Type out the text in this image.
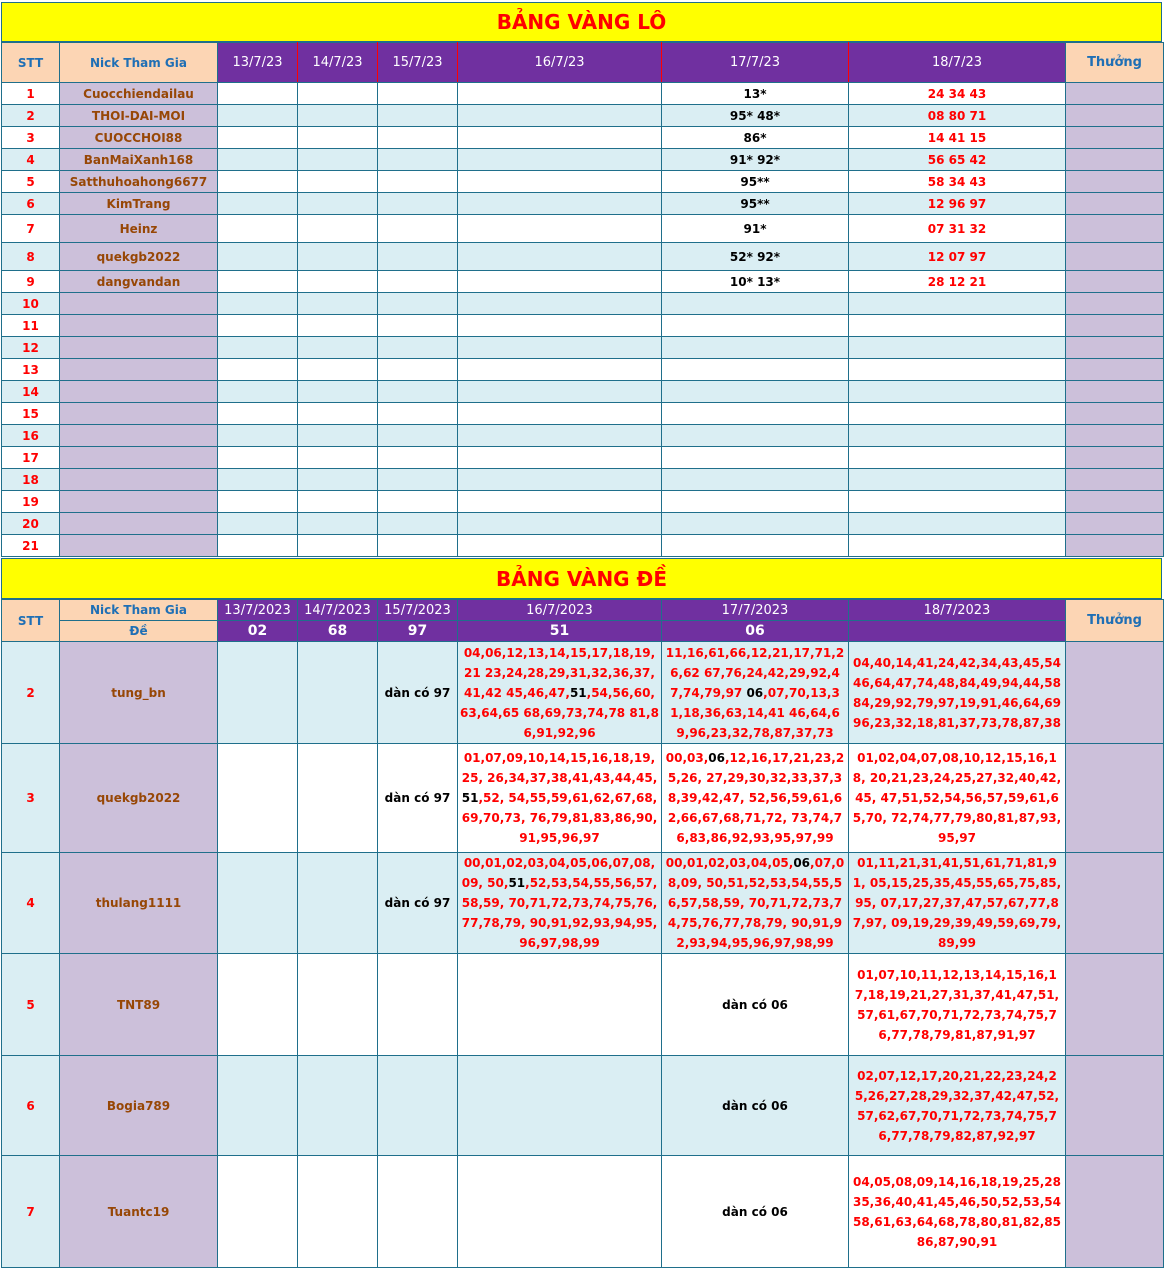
BẢNG VÀNG LÔ
STT	Nick Tham Gia	13/7/23	14/7/23	15/7/23	16/7/23	17/7/23	18/7/23	Thưởng
1	Cuocchiendailau					13*	24 34 43	
2	THOI-DAI-MOI					95* 48*	08 80 71	
3	CUOCCHOI88					86*	14 41 15	
4	BanMaiXanh168					91* 92*	56 65 42	
5	Satthuhoahong6677					95**	58 34 43	
6	KimTrang					95**	12 96 97	
7	Heinz					91*	07 31 32	
8	quekgb2022					52* 92*	12 07 97	
9	dangvandan					10* 13*	28 12 21	
10								
11								
12								
13								
14								
15								
16								
17								
18								
19								
20								
21								
BẢNG VÀNG ĐỀ
STT	Nick Tham Gia	13/7/2023	14/7/2023	15/7/2023	16/7/2023	17/7/2023	18/7/2023	Thưởng
	Đề	02	68	97	51	06		
2	tung_bn			dàn có 97	04,06,12,13,14,15,17,18,19,21 23,24,28,29,31,32,36,37,41,42 45,46,47,51,54,56,60,63,64,65 68,69,73,74,78 81,86,91,92,96	11,16,61,66,12,21,17,71,26,62 67,76,24,42,29,92,47,74,79,97 06,07,70,13,31,18,36,63,14,41 46,64,69,96,23,32,78,87,37,73	04,40,14,41,24,42,34,43,45,54 46,64,47,74,48,84,49,94,44,58 84,29,92,79,97,19,91,46,64,69 96,23,32,18,81,37,73,78,87,38	
3	quekgb2022			dàn có 97	01,07,09,10,14,15,16,18,19,25, 26,34,37,38,41,43,44,45,51,52, 54,55,59,61,62,67,68,69,70,73, 76,79,81,83,86,90,91,95,96,97	00,03,06,12,16,17,21,23,25,26, 27,29,30,32,33,37,38,39,42,47, 52,56,59,61,62,66,67,68,71,72, 73,74,76,83,86,92,93,95,97,99	01,02,04,07,08,10,12,15,16,18, 20,21,23,24,25,27,32,40,42,45, 47,51,52,54,56,57,59,61,65,70, 72,74,77,79,80,81,87,93,95,97	
4	thulang1111			dàn có 97	00,01,02,03,04,05,06,07,08,09, 50,51,52,53,54,55,56,57,58,59, 70,71,72,73,74,75,76,77,78,79, 90,91,92,93,94,95,96,97,98,99	00,01,02,03,04,05,06,07,08,09, 50,51,52,53,54,55,56,57,58,59, 70,71,72,73,74,75,76,77,78,79, 90,91,92,93,94,95,96,97,98,99	01,11,21,31,41,51,61,71,81,91, 05,15,25,35,45,55,65,75,85,95, 07,17,27,37,47,57,67,77,87,97, 09,19,29,39,49,59,69,79,89,99	
5	TNT89					dàn có 06	01,07,10,11,12,13,14,15,16,17,18,19,21,27,31,37,41,47,51,57,61,67,70,71,72,73,74,75,76,77,78,79,81,87,91,97	
6	Bogia789					dàn có 06	02,07,12,17,20,21,22,23,24,25,26,27,28,29,32,37,42,47,52,57,62,67,70,71,72,73,74,75,76,77,78,79,82,87,92,97	
7	Tuantc19					dàn có 06	04,05,08,09,14,16,18,19,25,28 35,36,40,41,45,46,50,52,53,54 58,61,63,64,68,78,80,81,82,85 86,87,90,91	
